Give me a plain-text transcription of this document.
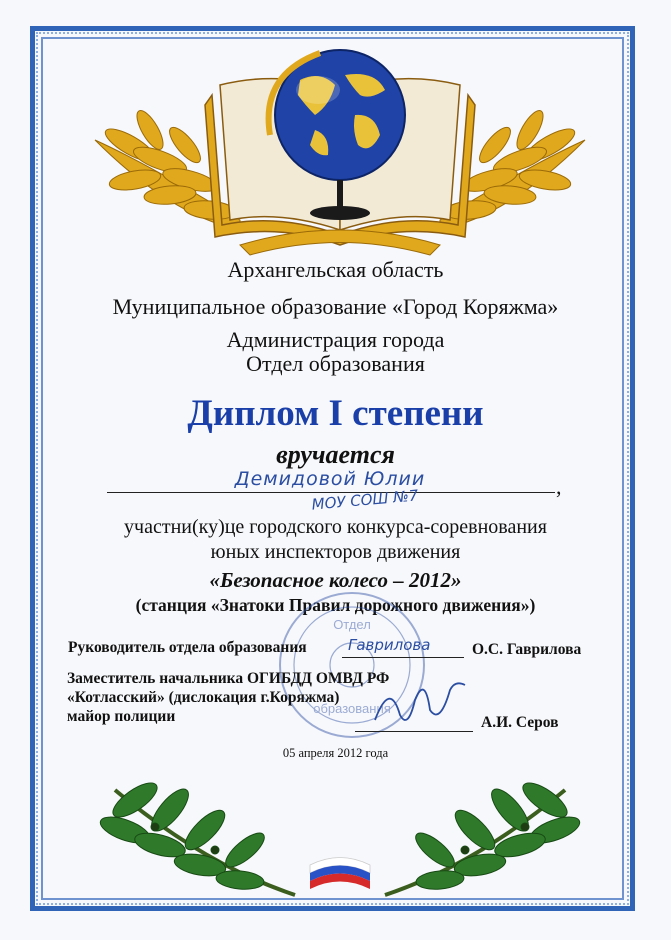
Архангельская область
Муниципальное образование «Город Коряжма»
Администрация города
Отдел образования
Диплом I степени
вручается
,
Демидовой Юлии
МОУ СОШ №7
участни(ку)це городского конкурса-соревнования
юных инспекторов движения
«Безопасное колесо – 2012»
(станция «Знатоки Правил дорожного движения»)
Отдел
образования
Руководитель отдела образования	Гаврилова	О.С. Гаврилова
Заместитель начальника ОГИБДД ОМВД РФ
«Котласский» (дислокация г.Коряжма)
майор полиции	А.И. Серов
05 апреля 2012 года
